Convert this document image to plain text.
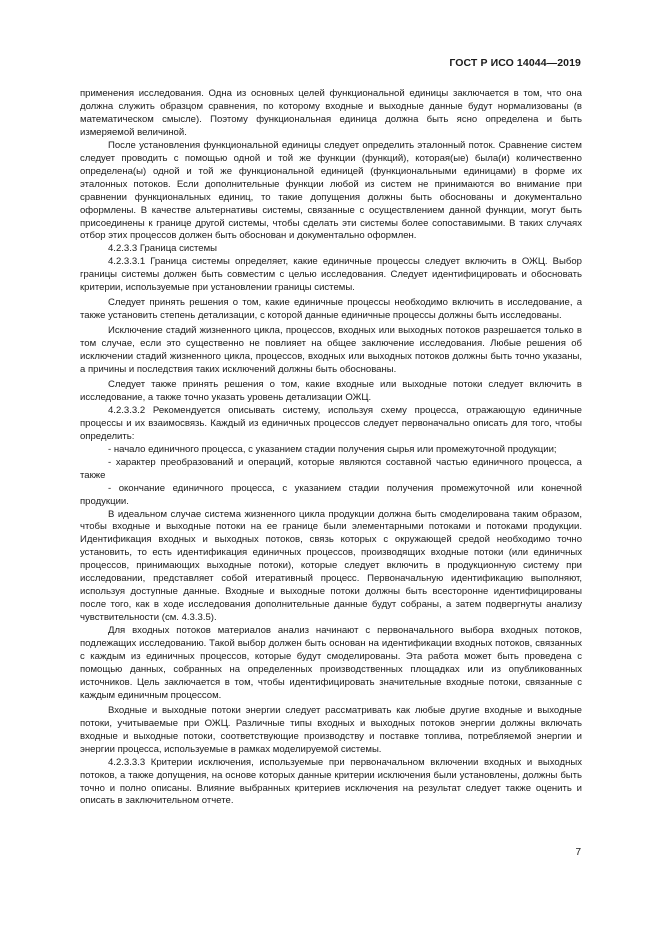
ГОСТ Р ИСО 14044—2019

применения исследования. Одна из основных целей функциональной единицы заключается в том, что она должна служить образцом сравнения, по которому входные и выходные данные будут нормализованы (в математическом смысле). Поэтому функциональная единица должна быть ясно определена и быть измеряемой величиной.

После установления функциональной единицы следует определить эталонный поток. Сравнение систем следует проводить с помощью одной и той же функции (функций), которая(ые) была(и) количественно определена(ы) одной и той же функциональной единицей (функциональными единицами) в форме их эталонных потоков. Если дополнительные функции любой из систем не принимаются во внимание при сравнении функциональных единиц, то такие допущения должны быть обоснованы и документально оформлены. В качестве альтернативы системы, связанные с осуществлением данной функции, могут быть присоединены к границе другой системы, чтобы сделать эти системы более сопоставимыми. В таких случаях отбор этих процессов должен быть обоснован и документально оформлен.

4.2.3.3 Граница системы

4.2.3.3.1 Граница системы определяет, какие единичные процессы следует включить в ОЖЦ. Выбор границы системы должен быть совместим с целью исследования. Следует идентифицировать и обосновать критерии, используемые при установлении границы системы.

Следует принять решения о том, какие единичные процессы необходимо включить в исследование, а также установить степень детализации, с которой данные единичные процессы должны быть исследованы.

Исключение стадий жизненного цикла, процессов, входных или выходных потоков разрешается только в том случае, если это существенно не повлияет на общее заключение исследования. Любые решения об исключении стадий жизненного цикла, процессов, входных или выходных потоков должны быть точно указаны, а причины и последствия таких исключений должны быть обоснованы.

Следует также принять решения о том, какие входные или выходные потоки следует включить в исследование, а также точно указать уровень детализации ОЖЦ.

4.2.3.3.2 Рекомендуется описывать систему, используя схему процесса, отражающую единичные процессы и их взаимосвязь. Каждый из единичных процессов следует первоначально описать для того, чтобы определить:

- начало единичного процесса, с указанием стадии получения сырья или промежуточной продукции;

- характер преобразований и операций, которые являются составной частью единичного процесса, а также

- окончание единичного процесса, с указанием стадии получения промежуточной или конечной продукции.

В идеальном случае система жизненного цикла продукции должна быть смоделирована таким образом, чтобы входные и выходные потоки на ее границе были элементарными потоками и потоками продукции. Идентификация входных и выходных потоков, связь которых с окружающей средой необходимо точно установить, то есть идентификация единичных процессов, производящих входные потоки (или единичных процессов, принимающих выходные потоки), которые следует включить в продукционную систему при исследовании, представляет собой итеративный процесс. Первоначальную идентификацию выполняют, используя доступные данные. Входные и выходные потоки должны быть всесторонне идентифицированы после того, как в ходе исследования дополнительные данные будут собраны, а затем подвергнуты анализу чувствительности (см. 4.3.3.5).

Для входных потоков материалов анализ начинают с первоначального выбора входных потоков, подлежащих исследованию. Такой выбор должен быть основан на идентификации входных потоков, связанных с каждым из единичных процессов, которые будут смоделированы. Эта работа может быть проведена с помощью данных, собранных на определенных производственных площадках или из опубликованных источников. Цель заключается в том, чтобы идентифицировать значительные входные потоки, связанные с каждым единичным процессом.

Входные и выходные потоки энергии следует рассматривать как любые другие входные и выходные потоки, учитываемые при ОЖЦ. Различные типы входных и выходных потоков энергии должны включать входные и выходные потоки, соответствующие производству и поставке топлива, потребляемой энергии и энергии процесса, используемые в рамках моделируемой системы.

4.2.3.3.3 Критерии исключения, используемые при первоначальном включении входных и выходных потоков, а также допущения, на основе которых данные критерии исключения были установлены, должны быть точно и полно описаны. Влияние выбранных критериев исключения на результат следует также оценить и описать в заключительном отчете.

7
